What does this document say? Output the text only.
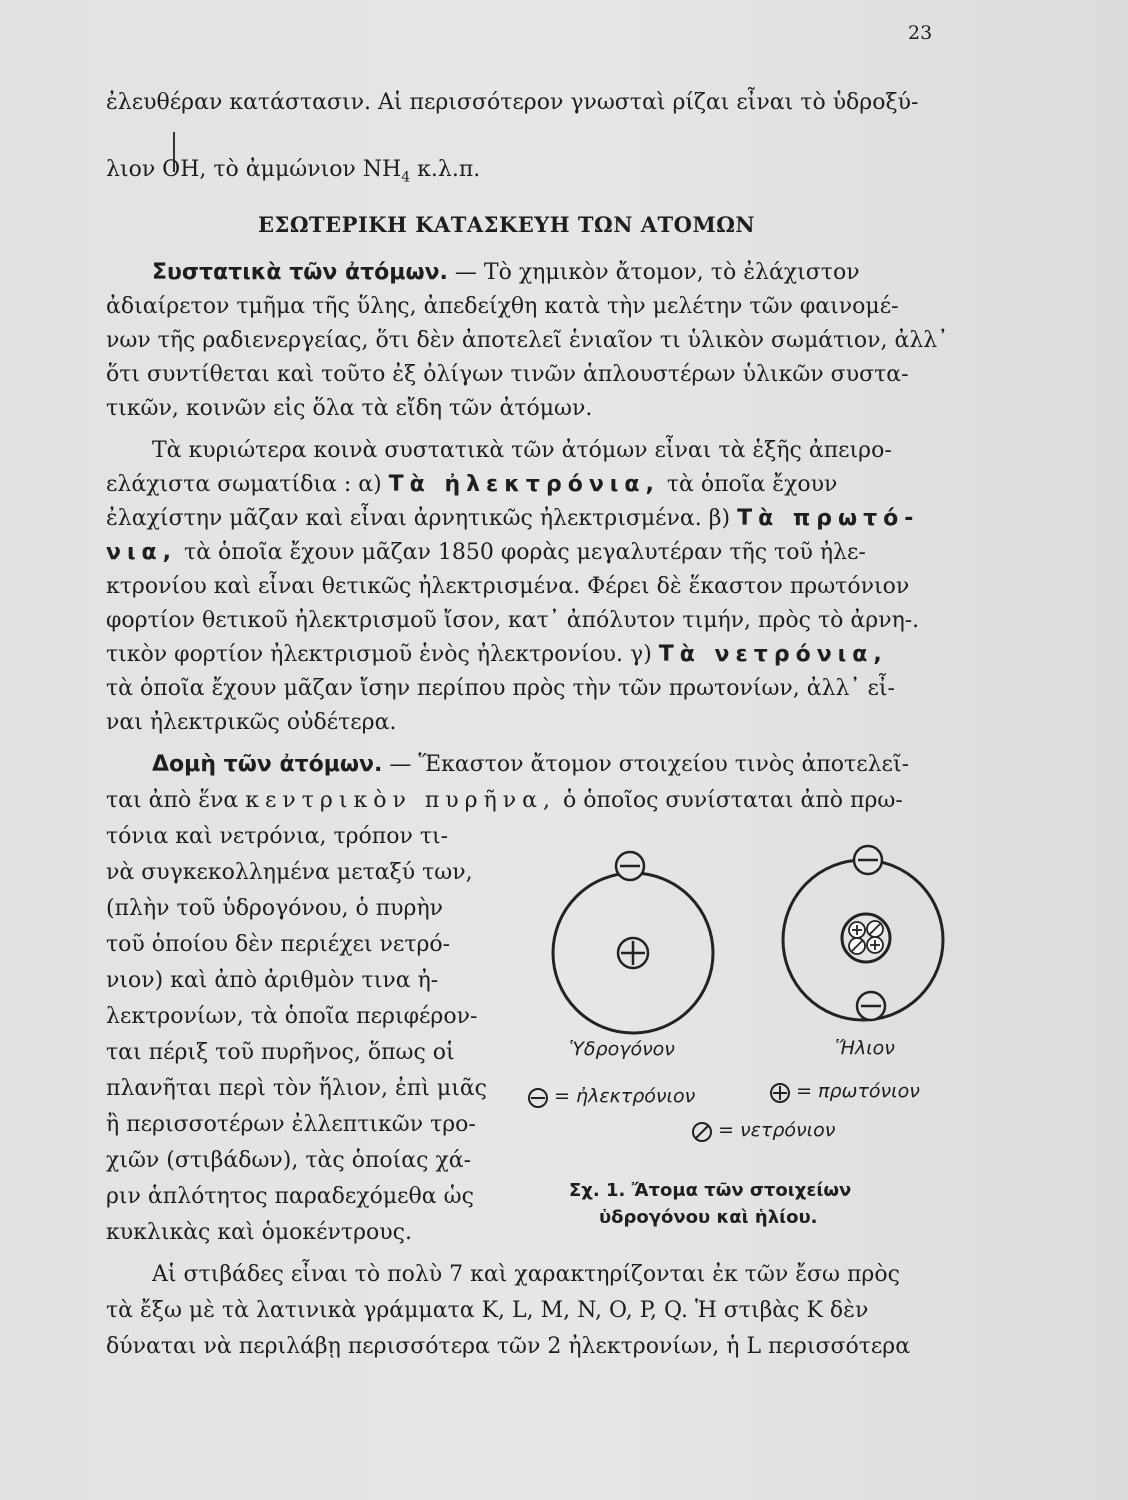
23
ἐλευθέραν κατάστασιν. Αἱ περισσότερον γνωσταὶ ρίζαι εἶναι τὸ ὑδροξύ-
λιον ΟΗ, τὸ ἀμμώνιον $NH_4$ κ.λ.π.
ΕΣΩΤΕΡΙΚΗ ΚΑΤΑΣΚΕΥΗ ΤΩΝ ΑΤΟΜΩΝ
Συστατικὰ τῶν ἀτόμων. — Τὸ χημικὸν ἄτομον, τὸ ἐλάχιστον
ἀδιαίρετον τμῆμα τῆς ὕλης, ἀπεδείχθη κατὰ τὴν μελέτην τῶν φαινομέ-
νων τῆς ραδιενεργείας, ὅτι δὲν ἀποτελεῖ ἑνιαῖον τι ὑλικὸν σωμάτιον, ἀλλ᾽
ὅτι συντίθεται καὶ τοῦτο ἐξ ὀλίγων τινῶν ἁπλουστέρων ὑλικῶν συστα-
τικῶν, κοινῶν εἰς ὅλα τὰ εἴδη τῶν ἀτόμων.
Τὰ κυριώτερα κοινὰ συστατικὰ τῶν ἀτόμων εἶναι τὰ ἑξῆς ἀπειρο-
ελάχιστα σωματίδια : α) Τὰ ἠλεκτρόνια, τὰ ὁποῖα ἔχουν
ἐλαχίστην μᾶζαν καὶ εἶναι ἀρνητικῶς ἠλεκτρισμένα. β) Τὰ πρωτό-
νια, τὰ ὁποῖα ἔχουν μᾶζαν 1850 φορὰς μεγαλυτέραν τῆς τοῦ ἠλε-
κτρονίου καὶ εἶναι θετικῶς ἠλεκτρισμένα. Φέρει δὲ ἕκαστον πρωτόνιον
φορτίον θετικοῦ ἠλεκτρισμοῦ ἴσον, κατ᾽ ἀπόλυτον τιμήν, πρὸς τὸ ἀρνη-.
τικὸν φορτίον ἠλεκτρισμοῦ ἑνὸς ἠλεκτρονίου. γ) Τὰ νετρόνια,
τὰ ὁποῖα ἔχουν μᾶζαν ἴσην περίπου πρὸς τὴν τῶν πρωτονίων, ἀλλ᾽ εἶ-
ναι ἠλεκτρικῶς οὐδέτερα.
Δομὴ τῶν ἀτόμων. — Ἕκαστον ἄτομον στοιχείου τινὸς ἀποτελεῖ-
ται ἀπὸ ἕνα κεντρικὸν πυρῆνα, ὁ ὁποῖος συνίσταται ἀπὸ πρω-
τόνια καὶ νετρόνια, τρόπον τι-
νὰ συγκεκολλημένα μεταξύ των,
(πλὴν τοῦ ὑδρογόνου, ὁ πυρὴν
τοῦ ὁποίου δὲν περιέχει νετρό-
νιον) καὶ ἀπὸ ἀριθμὸν τινα ἠ-
λεκτρονίων, τὰ ὁποῖα περιφέρον-
ται πέριξ τοῦ πυρῆνος, ὅπως οἱ
πλανῆται περὶ τὸν ἥλιον, ἐπὶ μιᾶς
ἢ περισσοτέρων ἐλλεπτικῶν τρο-
χιῶν (στιβάδων), τὰς ὁποίας χά-
ριν ἁπλότητος παραδεχόμεθα ὡς
κυκλικὰς καὶ ὁμοκέντρους.
Αἱ στιβάδες εἶναι τὸ πολὺ 7 καὶ χαρακτηρίζονται ἐκ τῶν ἔσω πρὸς
τὰ ἔξω μὲ τὰ λατινικὰ γράμματα K, L, M, N, O, P, Q. Ἡ στιβὰς K δὲν
δύναται νὰ περιλάβῃ περισσότερα τῶν 2 ἠλεκτρονίων, ἡ L περισσότερα
Ὑδρογόνον	Ἥλιον
= ἠλεκτρόνιον	= πρωτόνιον
= νετρόνιον
Σχ. 1. Ἄτομα τῶν στοιχείων
ὑδρογόνου καὶ ἡλίου.
